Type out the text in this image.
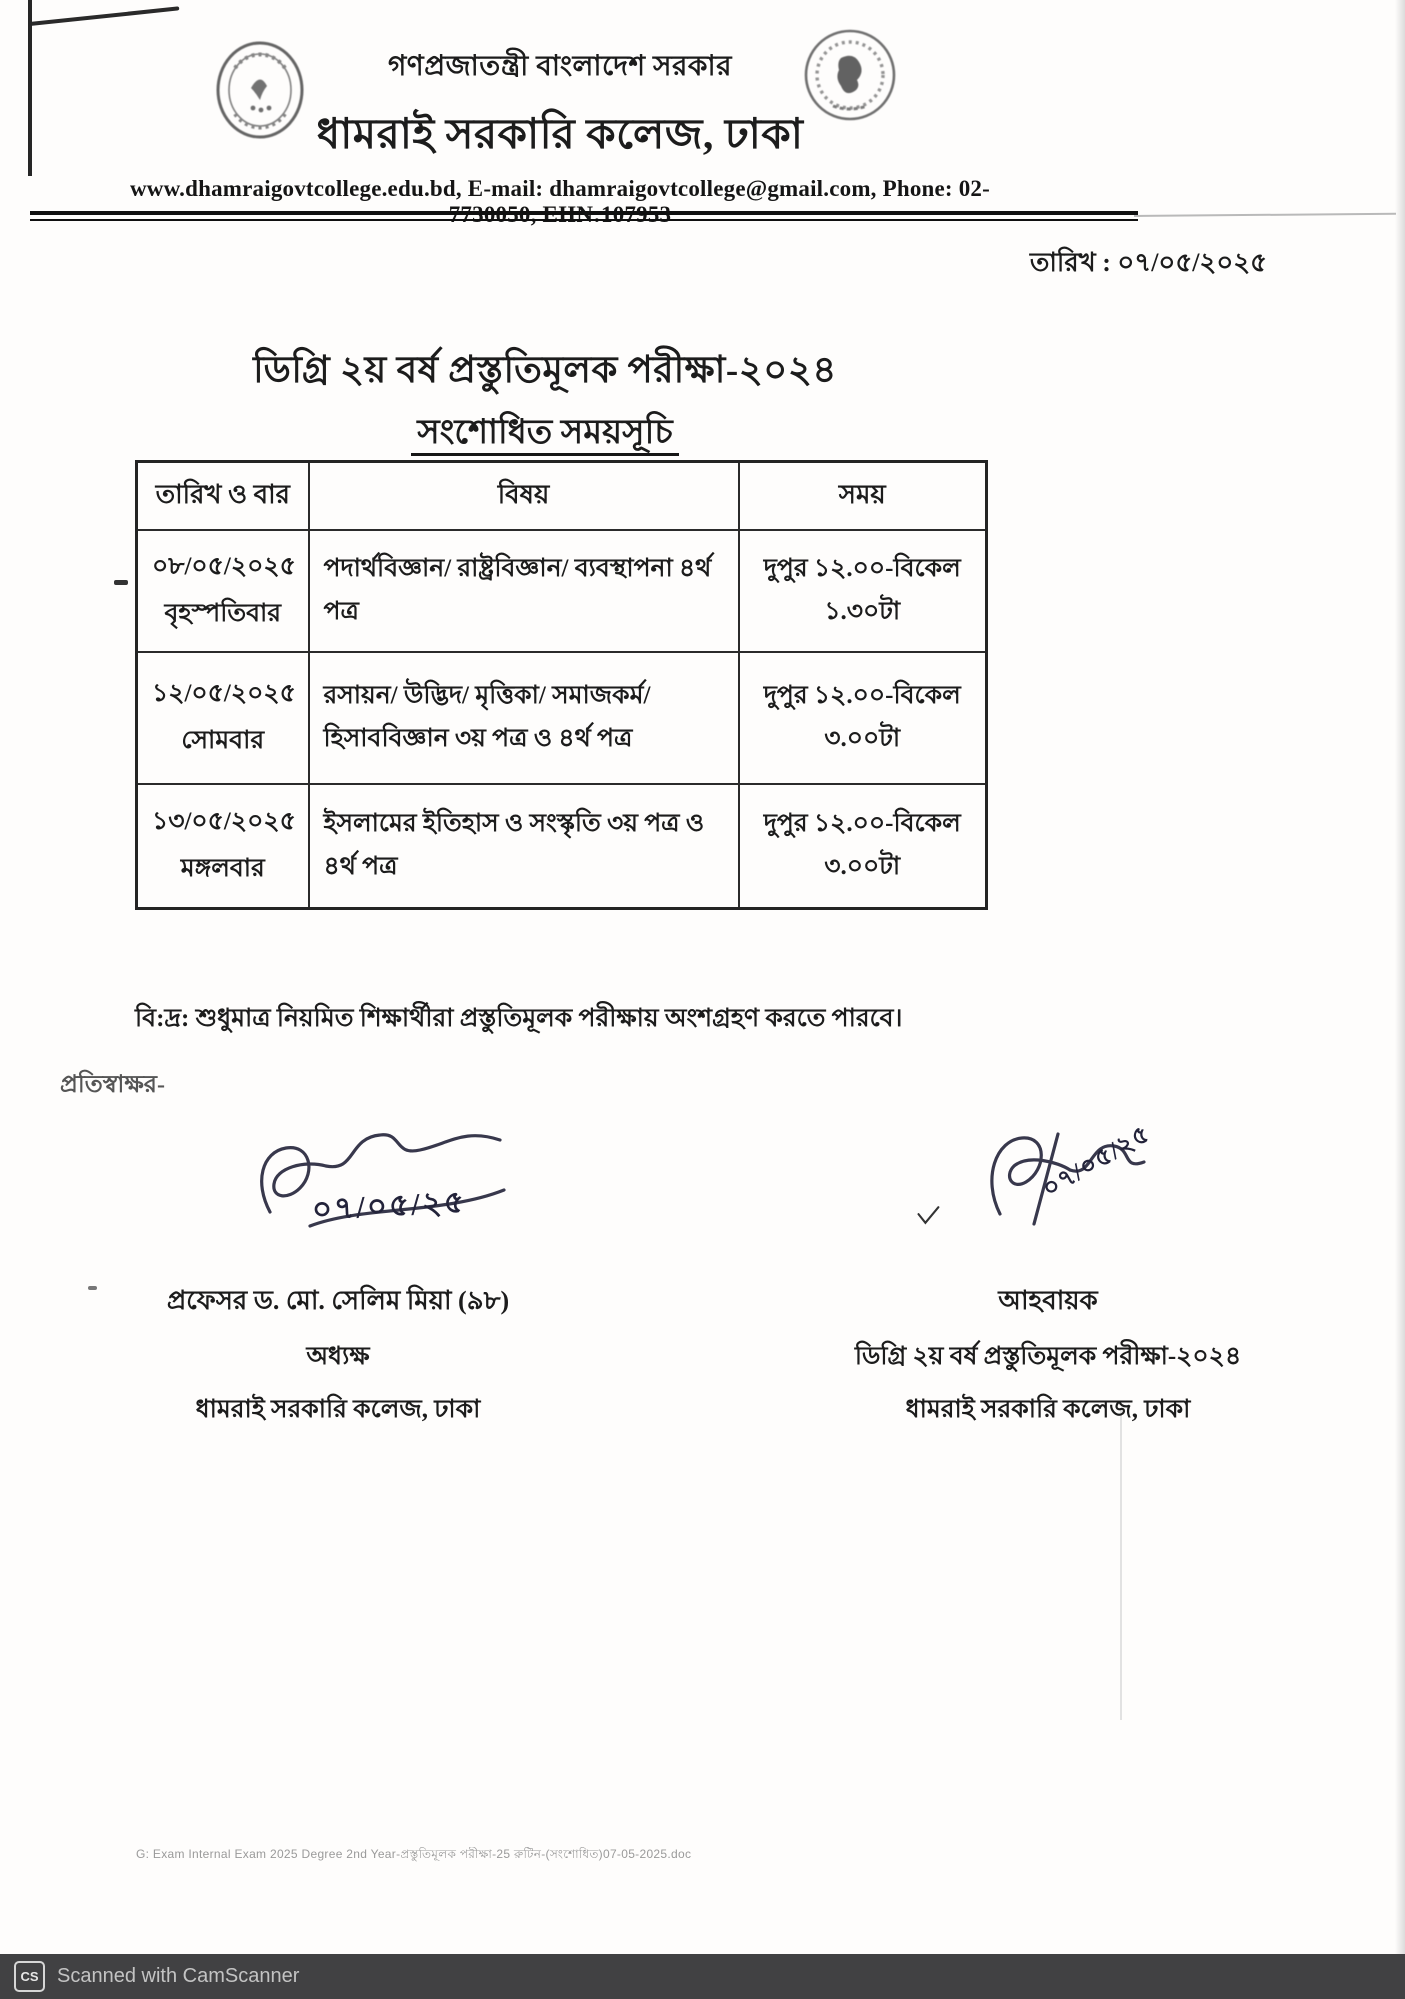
গণপ্রজাতন্ত্রী বাংলাদেশ সরকার
ধামরাই সরকারি কলেজ, ঢাকা
www.dhamraigovtcollege.edu.bd, E-mail: dhamraigovtcollege@gmail.com, Phone: 02-7730050, EIIN:107953
তারিখ : ০৭/০৫/২০২৫
ডিগ্রি ২য় বর্ষ প্রস্তুতিমূলক পরীক্ষা-২০২৪
সংশোধিত সময়সূচি
তারিখ ও বার	বিষয়	সময়

০৮/০৫/২০২৫
বৃহস্পতিবার	পদার্থবিজ্ঞান/ রাষ্ট্রবিজ্ঞান/ ব্যবস্থাপনা ৪র্থ পত্র	দুপুর ১২.০০-বিকেল ১.৩০টা

১২/০৫/২০২৫
সোমবার	রসায়ন/ উদ্ভিদ/ মৃত্তিকা/ সমাজকর্ম/ হিসাববিজ্ঞান ৩য় পত্র ও ৪র্থ পত্র	দুপুর ১২.০০-বিকেল ৩.০০টা

১৩/০৫/২০২৫
মঙ্গলবার	ইসলামের ইতিহাস ও সংস্কৃতি ৩য় পত্র ও ৪র্থ পত্র	দুপুর ১২.০০-বিকেল ৩.০০টা
বি:দ্র: শুধুমাত্র নিয়মিত শিক্ষার্থীরা প্রস্তুতিমূলক পরীক্ষায় অংশগ্রহণ করতে পারবে।
প্রতিস্বাক্ষর-
০৭/০৫/২৫
প্রফেসর ড. মো. সেলিম মিয়া (৯৮)
অধ্যক্ষ
ধামরাই সরকারি কলেজ, ঢাকা
০৭/০৫/২৫
আহবায়ক
ডিগ্রি ২য় বর্ষ প্রস্তুতিমূলক পরীক্ষা-২০২৪
ধামরাই সরকারি কলেজ, ঢাকা
G: Exam Internal Exam 2025 Degree 2nd Year-প্রস্তুতিমূলক পরীক্ষা-25 রুটিন-(সংশোধিত)07-05-2025.doc
CS Scanned with CamScanner
